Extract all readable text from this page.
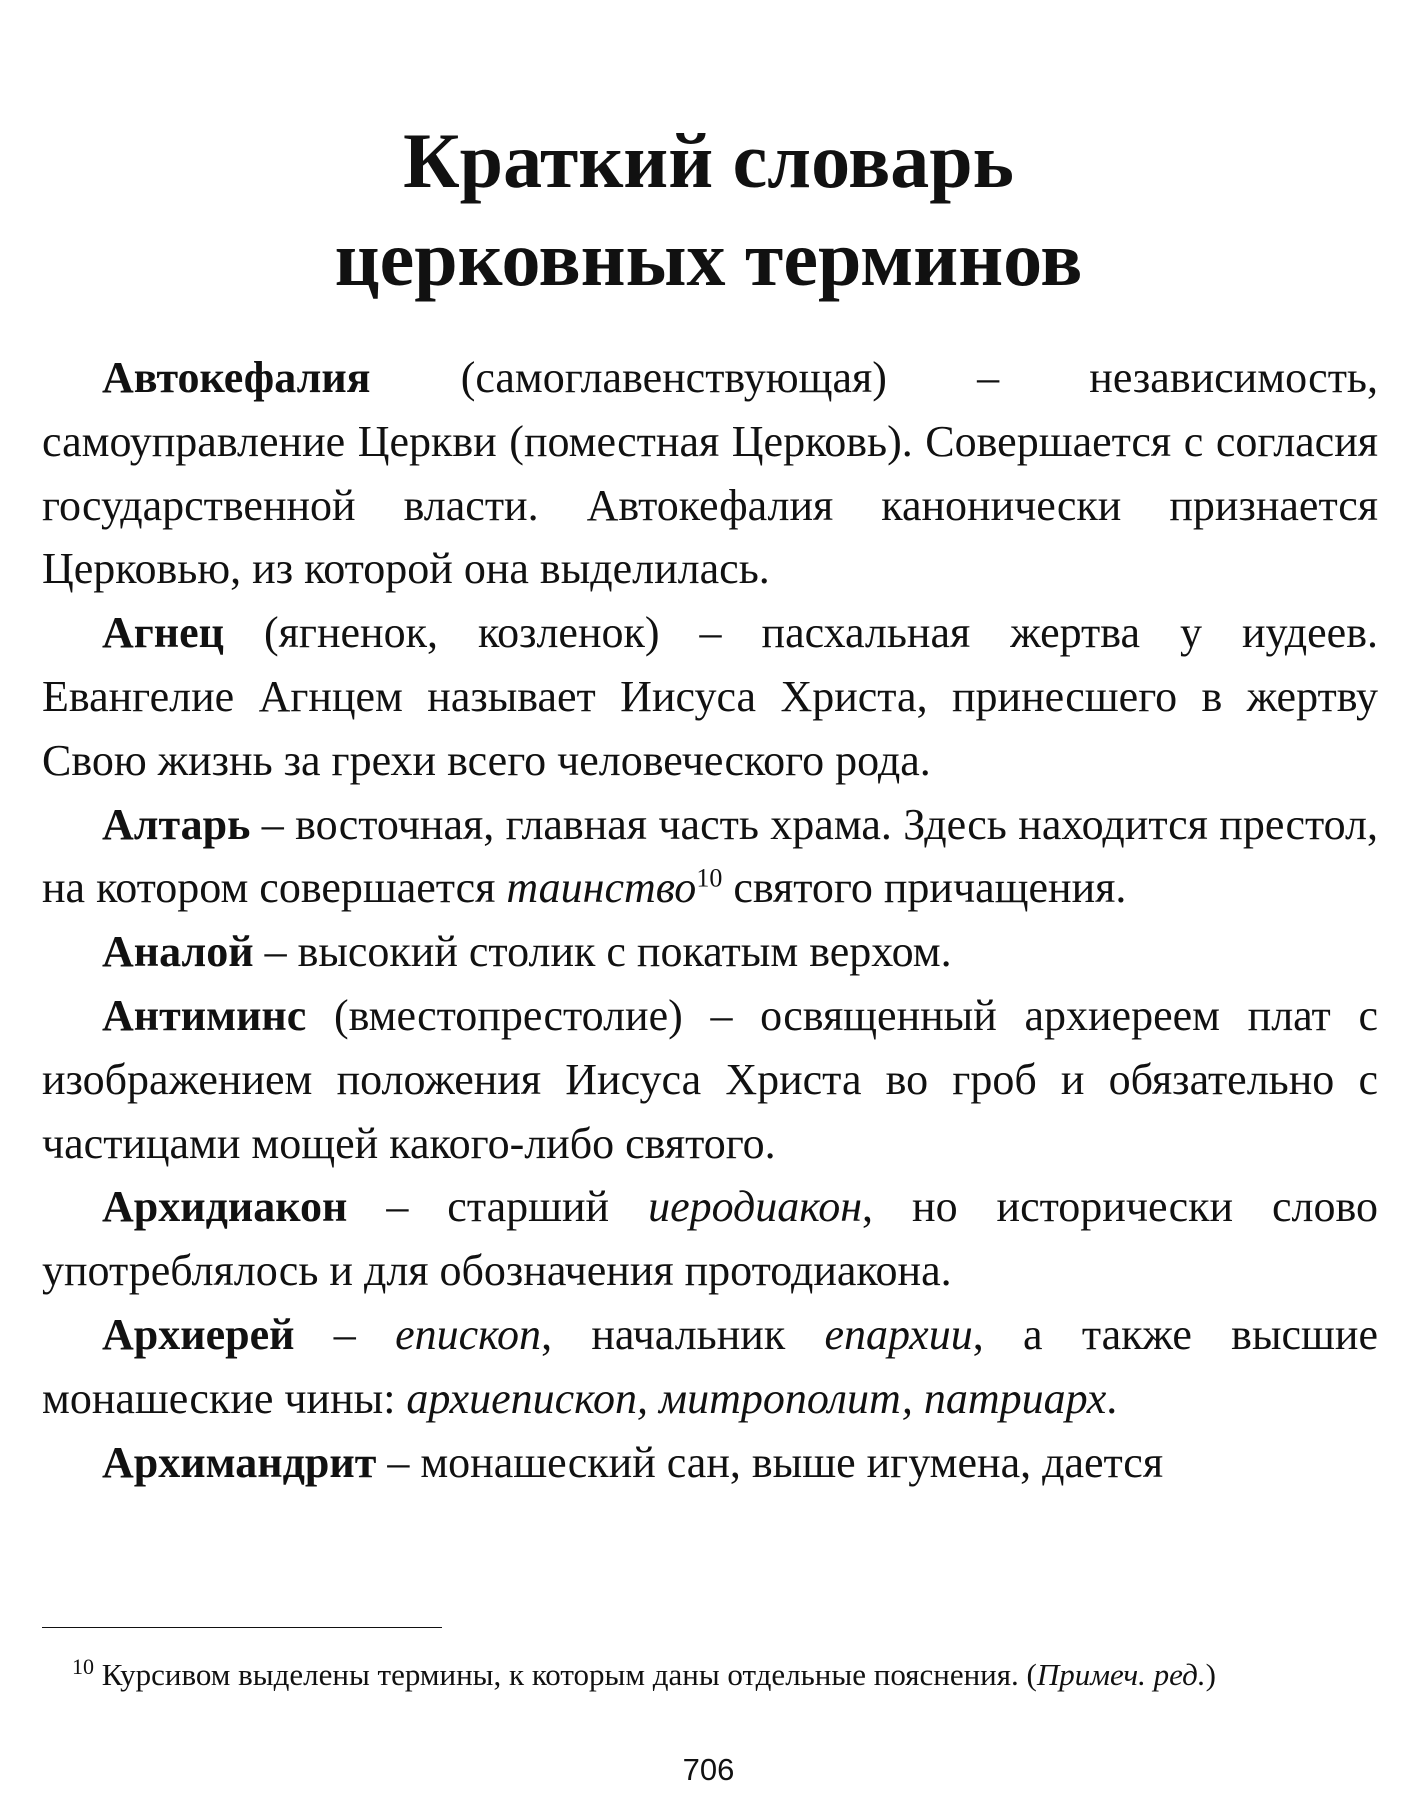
Краткий словарь
церковных терминов

Автокефалия (самоглавенствующая) – независимость, самоуправление Церкви (поместная Церковь). Совершается с согласия государственной власти. Автокефалия канонически признается Церковью, из которой она выделилась.

Агнец (ягненок, козленок) – пасхальная жертва у иудеев. Евангелие Агнцем называет Иисуса Христа, принесшего в жертву Свою жизнь за грехи всего человеческого рода.

Алтарь – восточная, главная часть храма. Здесь находится престол, на котором совершается таинство$^{10}$ святого причащения.

Аналой – высокий столик с покатым верхом.

Антиминс (вместопрестолие) – освященный архиереем плат с изображением положения Иисуса Христа во гроб и обязательно с частицами мощей какого-либо святого.

Архидиакон – старший иеродиакон, но исторически слово употреблялось и для обозначения протодиакона.

Архиерей – епископ, начальник епархии, а также высшие монашеские чины: архиепископ, митрополит, патриарх.

Архимандрит – монашеский сан, выше игумена, дается

$^{10}$ Курсивом выделены термины, к которым даны отдельные пояснения. (Примеч. ред.)
706
